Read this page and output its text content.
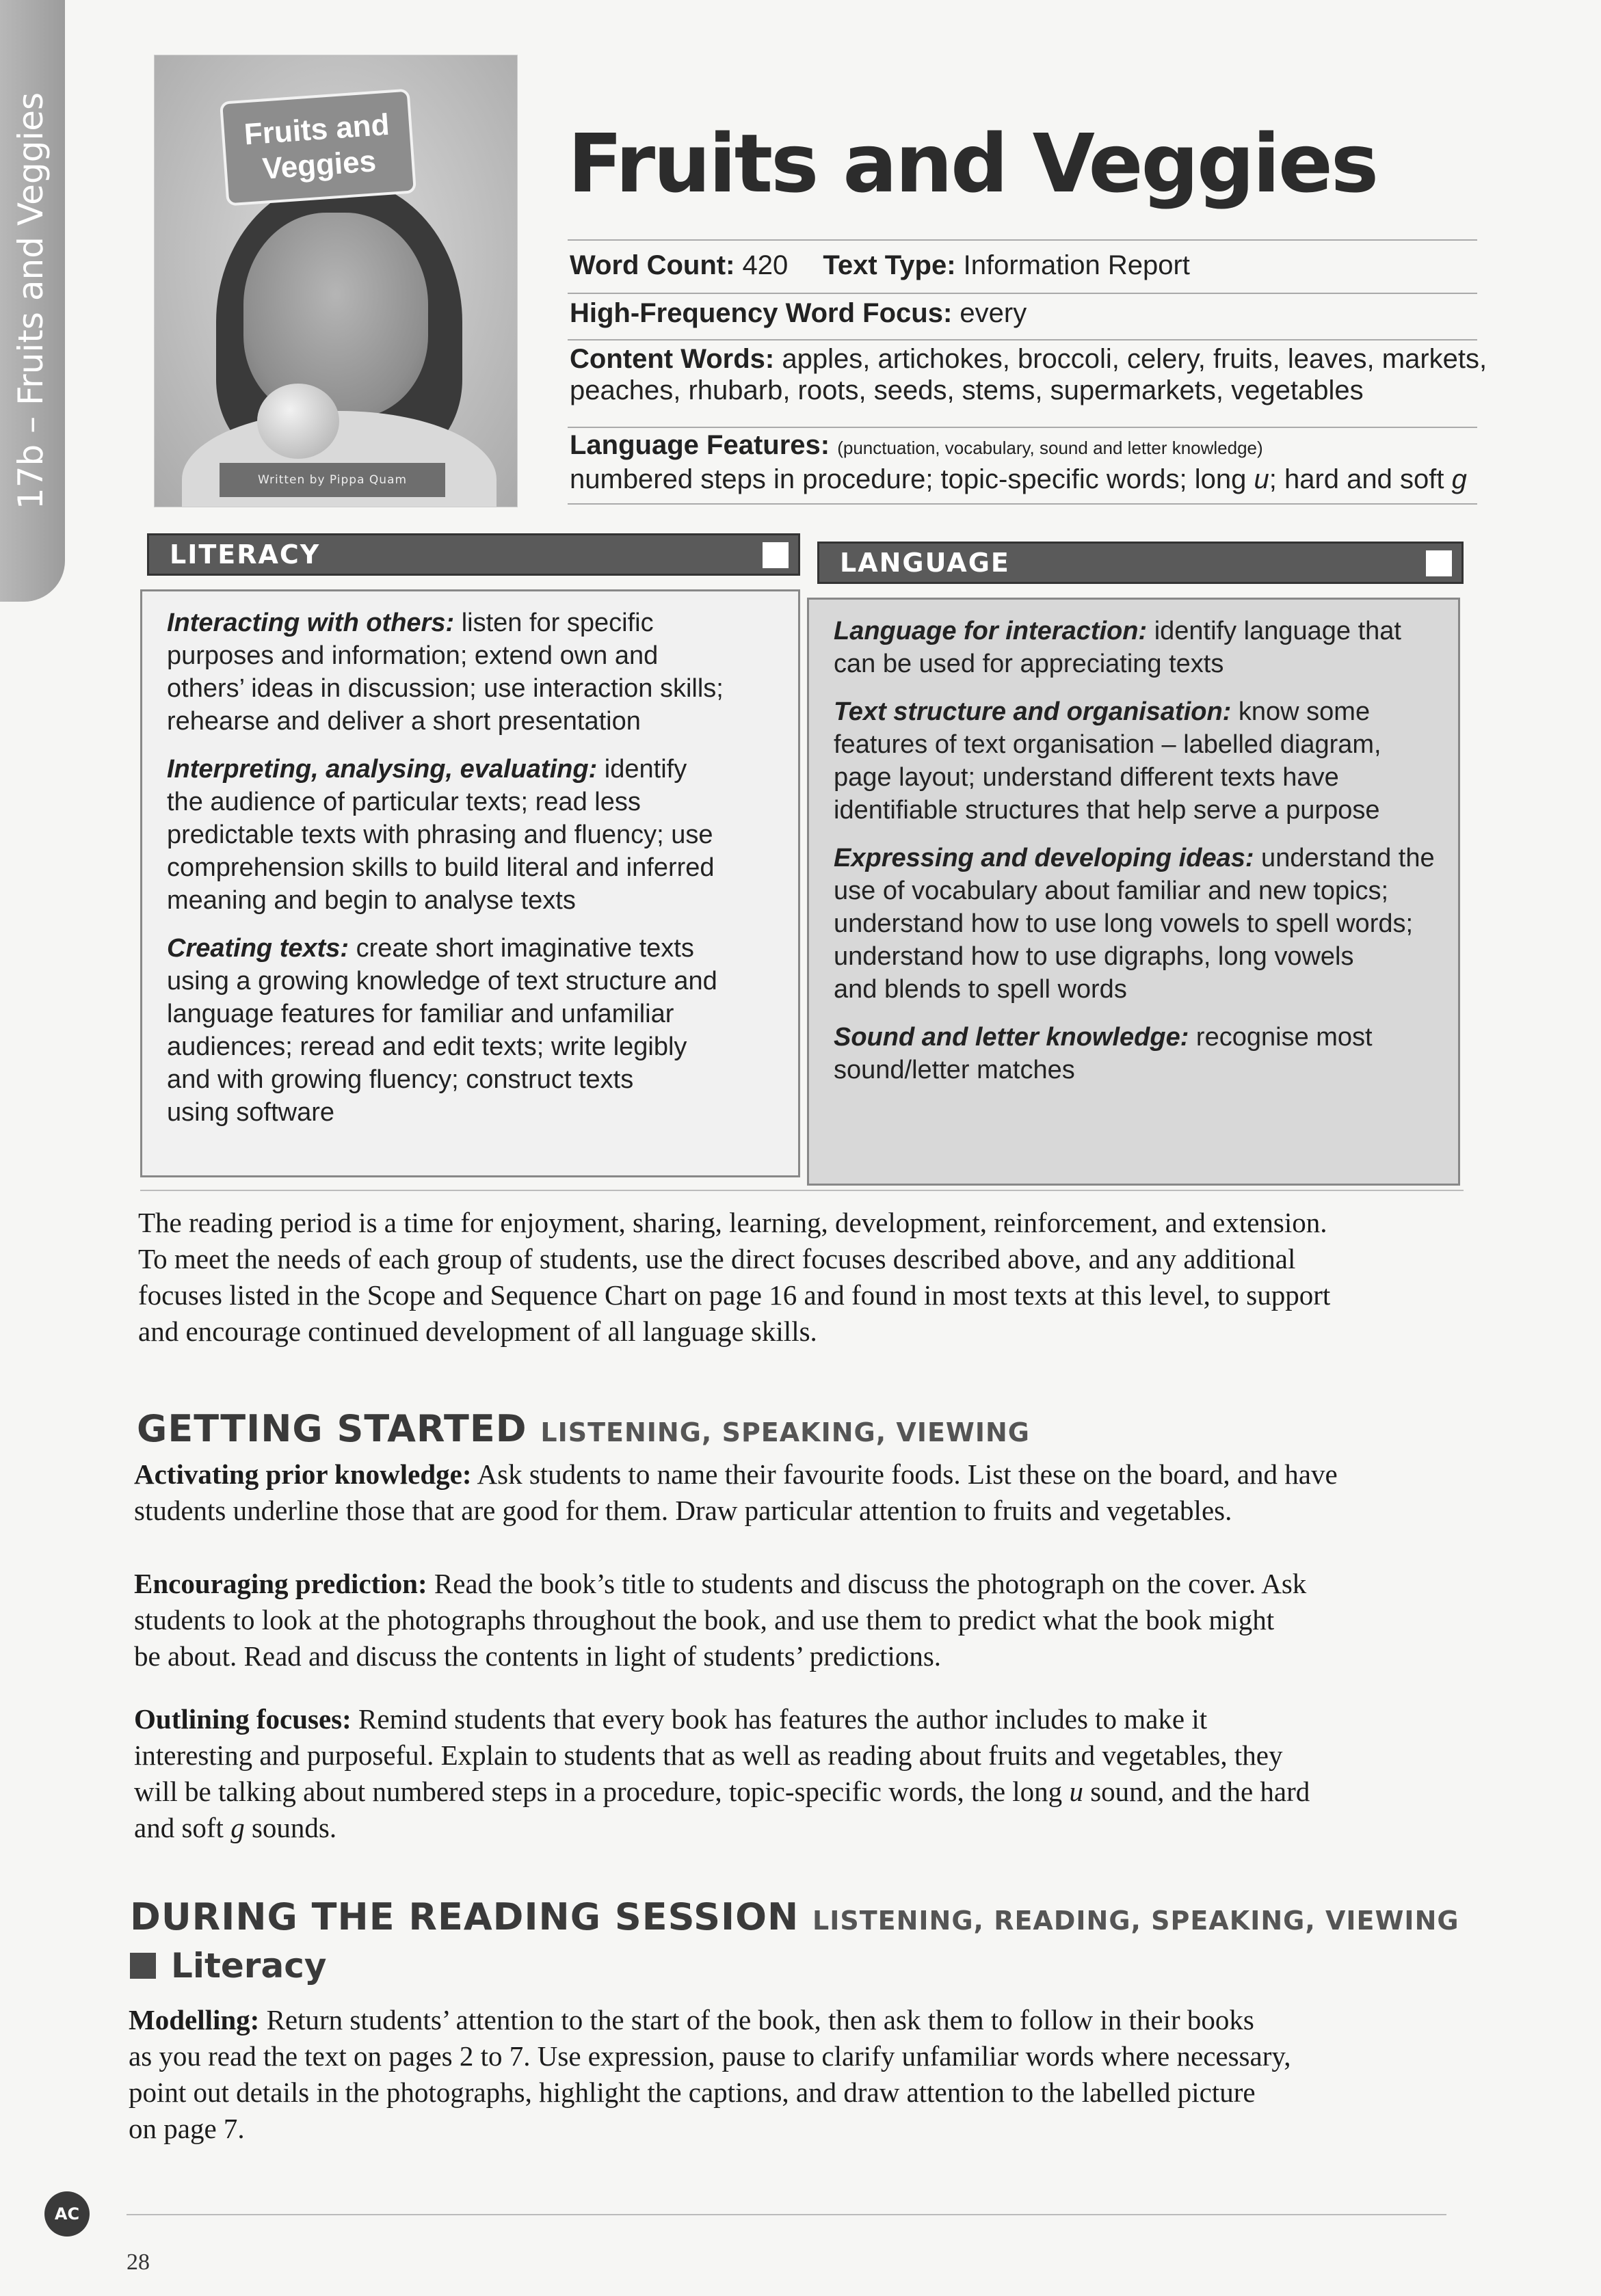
17b – Fruits and Veggies	Fruits and
Veggies
Written by Pippa Quam
Fruits and Veggies
Word Count: 420 Text Type: Information Report
High-Frequency Word Focus: every
Content Words: apples, artichokes, broccoli, celery, fruits, leaves, markets,
peaches, rhubarb, roots, seeds, stems, supermarkets, vegetables
Language Features: (punctuation, vocabulary, sound and letter knowledge)
numbered steps in procedure; topic-specific words; long u; hard and soft g
LITERACY
Interacting with others: listen for specific
purposes and information; extend own and
others’ ideas in discussion; use interaction skills;
rehearse and deliver a short presentation
Interpreting, analysing, evaluating: identify
the audience of particular texts; read less
predictable texts with phrasing and fluency; use
comprehension skills to build literal and inferred
meaning and begin to analyse texts
Creating texts: create short imaginative texts
using a growing knowledge of text structure and
language features for familiar and unfamiliar
audiences; reread and edit texts; write legibly
and with growing fluency; construct texts
using software
LANGUAGE
Language for interaction: identify language that
can be used for appreciating texts
Text structure and organisation: know some
features of text organisation – labelled diagram,
page layout; understand different texts have
identifiable structures that help serve a purpose
Expressing and developing ideas: understand the
use of vocabulary about familiar and new topics;
understand how to use long vowels to spell words;
understand how to use digraphs, long vowels
and blends to spell words
Sound and letter knowledge: recognise most
sound/letter matches
The reading period is a time for enjoyment, sharing, learning, development, reinforcement, and extension.
To meet the needs of each group of students, use the direct focuses described above, and any additional
focuses listed in the Scope and Sequence Chart on page 16 and found in most texts at this level, to support
and encourage continued development of all language skills.
GETTING STARTED LISTENING, SPEAKING, VIEWING
Activating prior knowledge: Ask students to name their favourite foods. List these on the board, and have
students underline those that are good for them. Draw particular attention to fruits and vegetables.
Encouraging prediction: Read the book’s title to students and discuss the photograph on the cover. Ask
students to look at the photographs throughout the book, and use them to predict what the book might
be about. Read and discuss the contents in light of students’ predictions.
Outlining focuses: Remind students that every book has features the author includes to make it
interesting and purposeful. Explain to students that as well as reading about fruits and vegetables, they
will be talking about numbered steps in a procedure, topic-specific words, the long u sound, and the hard
and soft g sounds.
DURING THE READING SESSION LISTENING, READING, SPEAKING, VIEWING
Literacy
Modelling: Return students’ attention to the start of the book, then ask them to follow in their books
as you read the text on pages 2 to 7. Use expression, pause to clarify unfamiliar words where necessary,
point out details in the photographs, highlight the captions, and draw attention to the labelled picture
on page 7.
AC
28
